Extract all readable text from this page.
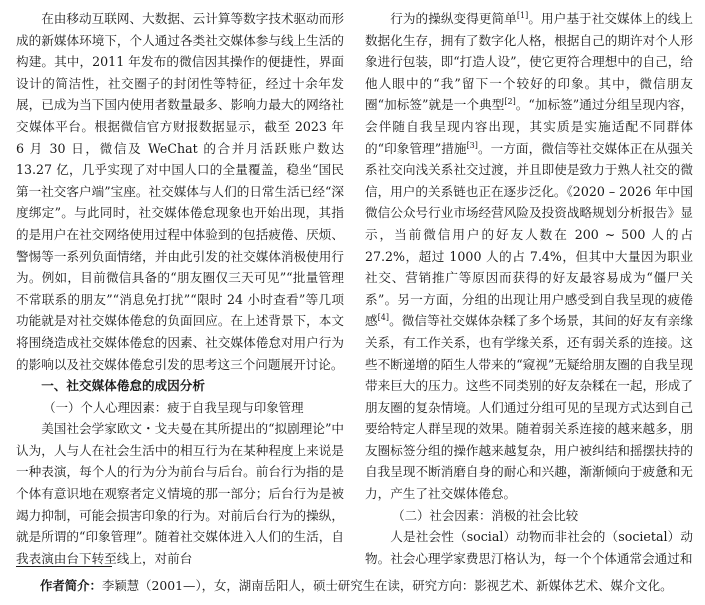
在由移动互联网、大数据、云计算等数字技术驱动而形成的新媒体环境下，个人通过各类社交媒体参与线上生活的构建。其中，2011 年发布的微信因其操作的便捷性，界面设计的简洁性，社交圈子的封闭性等特征，经过十余年发展，已成为当下国内使用者数量最多、影响力最大的网络社交媒体平台。根据微信官方财报数据显示，截至 2023 年 6 月 30 日，微信及 WeChat 的合并月活跃账户数达 13.27 亿，几乎实现了对中国人口的全量覆盖，稳坐“国民第一社交客户端”宝座。社交媒体与人们的日常生活已经“深度绑定”。与此同时，社交媒体倦怠现象也开始出现，其指的是用户在社交网络使用过程中体验到的包括疲倦、厌烦、警惕等一系列负面情绪，并由此引发的社交媒体消极使用行为。例如，目前微信具备的“朋友圈仅三天可见”“批量管理不常联系的朋友”“消息免打扰”“限时 24 小时查看”等几项功能就是对社交媒体倦怠的负面回应。在上述背景下，本文将围绕造成社交媒体倦怠的因素、社交媒体倦怠对用户行为的影响以及社交媒体倦怠引发的思考这三个问题展开讨论。

一、社交媒体倦怠的成因分析

（一）个人心理因素：疲于自我呈现与印象管理

美国社会学家欧文・戈夫曼在其所提出的“拟剧理论”中认为，人与人在社会生活中的相互行为在某种程度上来说是一种表演，每个人的行为分为前台与后台。前台行为指的是个体有意识地在观察者定义情境的那一部分；后台行为是被竭力抑制，可能会损害印象的行为。对前后台行为的操纵，就是所谓的“印象管理”。随着社交媒体进入人们的生活，自我表演由台下转至线上，对前台

行为的操纵变得更简单[1]。用户基于社交媒体上的线上数据化生存，拥有了数字化人格，根据自己的期许对个人形象进行包装，即“打造人设”，使它更符合理想中的自己，给他人眼中的“我”留下一个较好的印象。其中，微信朋友圈“加标签”就是一个典型[2]。“加标签”通过分组呈现内容，会伴随自我呈现内容出现，其实质是实施适配不同群体的“印象管理”措施[3]。一方面，微信等社交媒体正在从强关系社交向浅关系社交过渡，并且即使是致力于熟人社交的微信，用户的关系链也正在逐步泛化。《2020 – 2026 年中国微信公众号行业市场经营风险及投资战略规划分析报告》显示，当前微信用户的好友人数在 200 ~ 500 人的占 27.2%，超过 1000 人的占 7.4%，但其中大量因为职业社交、营销推广等原因而获得的好友最容易成为“僵尸关系”。另一方面，分组的出现让用户感受到自我呈现的疲倦感[4]。微信等社交媒体杂糅了多个场景，其间的好友有亲缘关系，有工作关系，也有学缘关系，还有弱关系的连接。这些不断递增的陌生人带来的“窥视”无疑给朋友圈的自我呈现带来巨大的压力。这些不同类别的好友杂糅在一起，形成了朋友圈的复杂情境。人们通过分组可见的呈现方式达到自己要给特定人群呈现的效果。随着弱关系连接的越来越多，朋友圈标签分组的操作越来越复杂，用户被纠结和摇摆扶持的自我呈现不断消磨自身的耐心和兴趣，渐渐倾向于疲惫和无力，产生了社交媒体倦怠。

（二）社会因素：消极的社会比较

人是社会性（social）动物而非社会的（societal）动物。社会心理学家费思汀格认为，每一个个体通常会通过和

作者简介：李颖慧（2001—），女，湖南岳阳人，硕士研究生在读，研究方向：影视艺术、新媒体艺术、媒介文化。
